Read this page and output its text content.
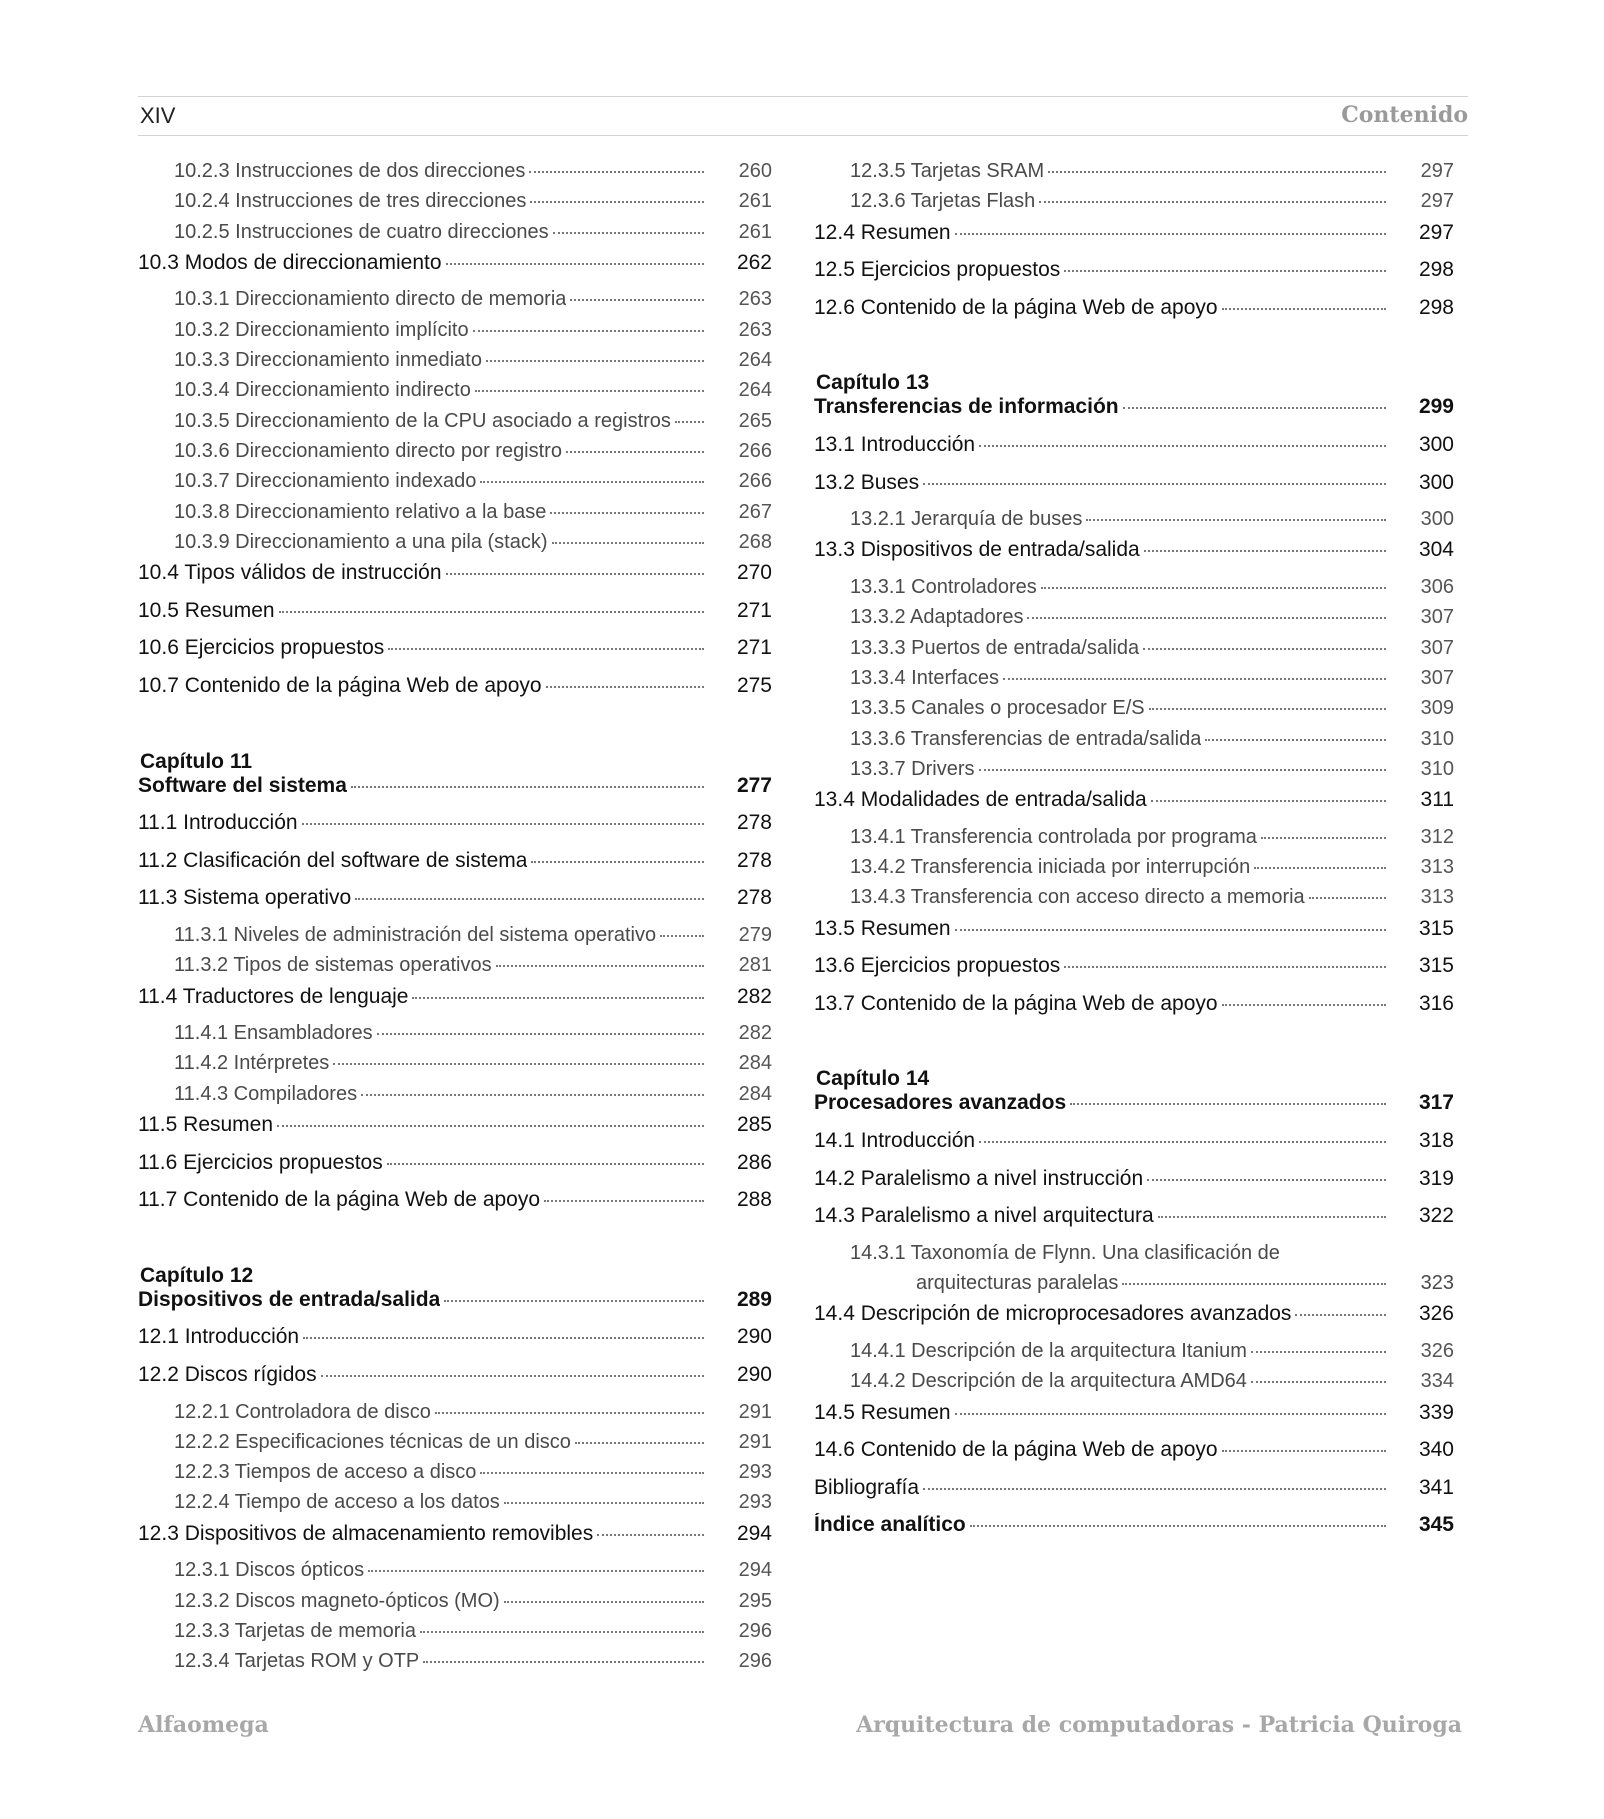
XIV	Contenido
10.2.3 Instrucciones de dos direcciones	260
10.2.4 Instrucciones de tres direcciones	261
10.2.5 Instrucciones de cuatro direcciones	261
10.3 Modos de direccionamiento	262
10.3.1 Direccionamiento directo de memoria	263
10.3.2 Direccionamiento implícito	263
10.3.3 Direccionamiento inmediato	264
10.3.4 Direccionamiento indirecto	264
10.3.5 Direccionamiento de la CPU asociado a registros	265
10.3.6 Direccionamiento directo por registro	266
10.3.7 Direccionamiento indexado	266
10.3.8 Direccionamiento relativo a la base	267
10.3.9 Direccionamiento a una pila (stack)	268
10.4 Tipos válidos de instrucción	270
10.5 Resumen	271
10.6 Ejercicios propuestos	271
10.7 Contenido de la página Web de apoyo	275
Capítulo 11
Software del sistema	277
11.1 Introducción	278
11.2 Clasificación del software de sistema	278
11.3 Sistema operativo	278
11.3.1 Niveles de administración del sistema operativo	279
11.3.2 Tipos de sistemas operativos	281
11.4 Traductores de lenguaje	282
11.4.1 Ensambladores	282
11.4.2 Intérpretes	284
11.4.3 Compiladores	284
11.5 Resumen	285
11.6 Ejercicios propuestos	286
11.7 Contenido de la página Web de apoyo	288
Capítulo 12
Dispositivos de entrada/salida	289
12.1 Introducción	290
12.2 Discos rígidos	290
12.2.1 Controladora de disco	291
12.2.2 Especificaciones técnicas de un disco	291
12.2.3 Tiempos de acceso a disco	293
12.2.4 Tiempo de acceso a los datos	293
12.3 Dispositivos de almacenamiento removibles	294
12.3.1 Discos ópticos	294
12.3.2 Discos magneto-ópticos (MO)	295
12.3.3 Tarjetas de memoria	296
12.3.4 Tarjetas ROM y OTP	296
12.3.5 Tarjetas SRAM	297
12.3.6 Tarjetas Flash	297
12.4 Resumen	297
12.5 Ejercicios propuestos	298
12.6 Contenido de la página Web de apoyo	298
Capítulo 13
Transferencias de información	299
13.1 Introducción	300
13.2 Buses	300
13.2.1 Jerarquía de buses	300
13.3 Dispositivos de entrada/salida	304
13.3.1 Controladores	306
13.3.2 Adaptadores	307
13.3.3 Puertos de entrada/salida	307
13.3.4 Interfaces	307
13.3.5 Canales o procesador E/S	309
13.3.6 Transferencias de entrada/salida	310
13.3.7 Drivers	310
13.4 Modalidades de entrada/salida	311
13.4.1 Transferencia controlada por programa	312
13.4.2 Transferencia iniciada por interrupción	313
13.4.3 Transferencia con acceso directo a memoria	313
13.5 Resumen	315
13.6 Ejercicios propuestos	315
13.7 Contenido de la página Web de apoyo	316
Capítulo 14
Procesadores avanzados	317
14.1 Introducción	318
14.2 Paralelismo a nivel instrucción	319
14.3 Paralelismo a nivel arquitectura	322
14.3.1 Taxonomía de Flynn. Una clasificación de
arquitecturas paralelas	323
14.4 Descripción de microprocesadores avanzados	326
14.4.1 Descripción de la arquitectura Itanium	326
14.4.2 Descripción de la arquitectura AMD64	334
14.5 Resumen	339
14.6 Contenido de la página Web de apoyo	340
Bibliografía	341
Índice analítico	345
Alfaomega	Arquitectura de computadoras - Patricia Quiroga
